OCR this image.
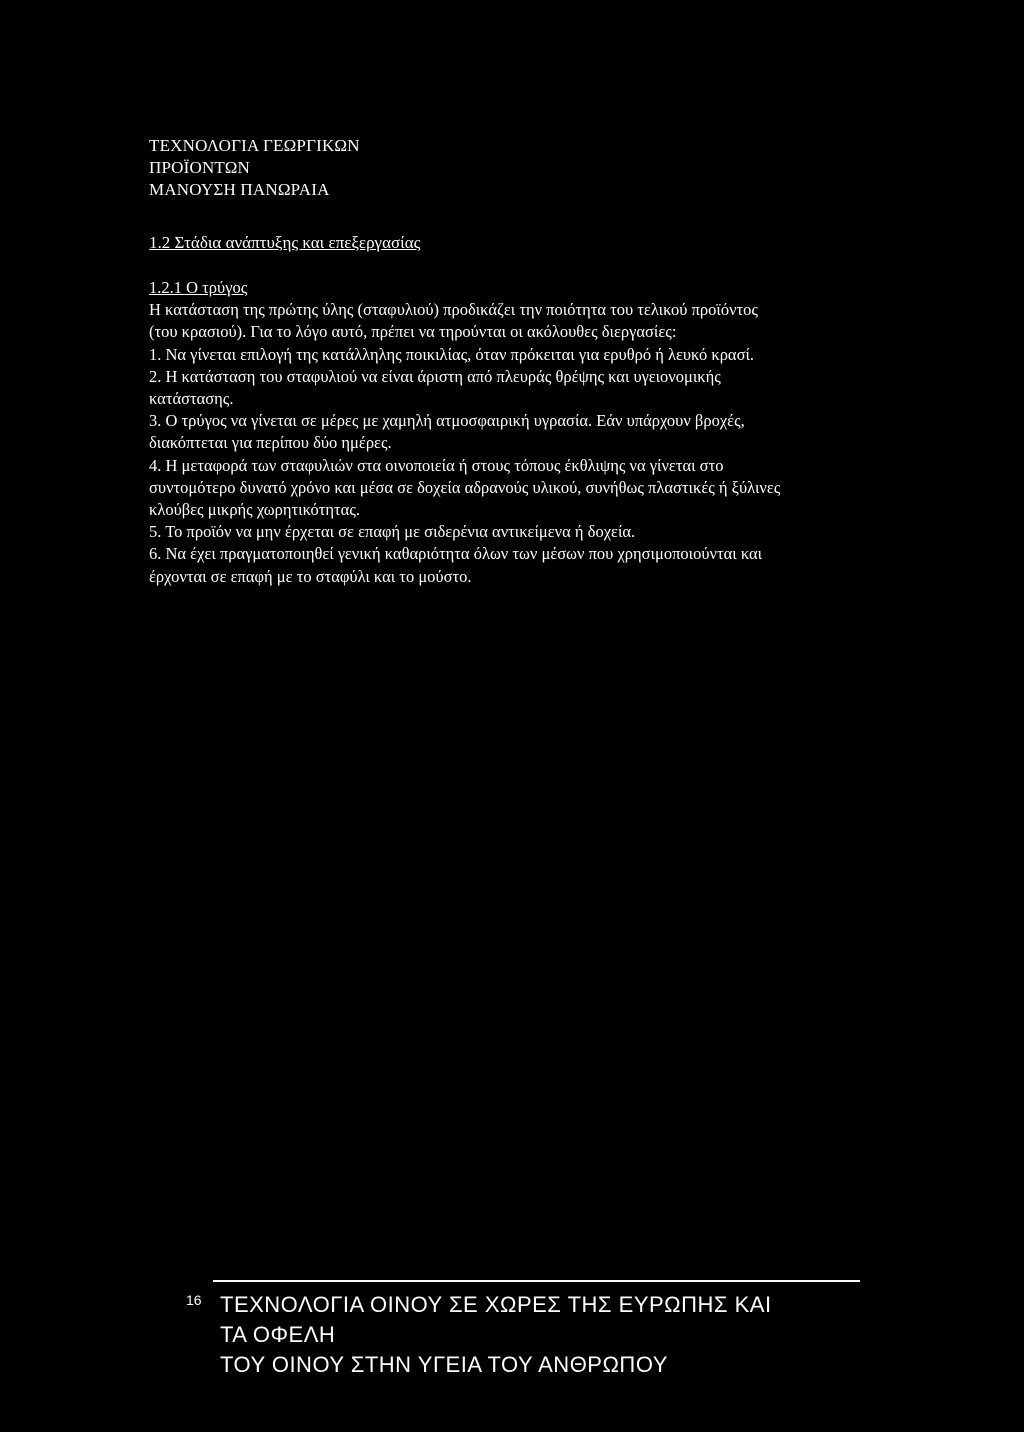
ΤΕΧΝΟΛΟΓΙΑ ΓΕΩΡΓΙΚΩΝ
ΠΡΟΪΟΝΤΩΝ
ΜΑΝΟΥΣΗ ΠΑΝΩΡΑΙΑ
1.2 Στάδια ανάπτυξης και επεξεργασίας
1.2.1 Ο τρύγος

Η κατάσταση της πρώτης ύλης (σταφυλιού) προδικάζει την ποιότητα του τελικού προϊόντος (του κρασιού). Για το λόγο αυτό, πρέπει να τηρούνται οι ακόλουθες διεργασίες:

1. Να γίνεται επιλογή της κατάλληλης ποικιλίας, όταν πρόκειται για ερυθρό ή λευκό κρασί.

2. Η κατάσταση του σταφυλιού να είναι άριστη από πλευράς θρέψης και υγειονομικής κατάστασης.

3. Ο τρύγος να γίνεται σε μέρες με χαμηλή ατμοσφαιρική υγρασία. Εάν υπάρχουν βροχές, διακόπτεται για περίπου δύο ημέρες.

4. Η μεταφορά των σταφυλιών στα οινοποιεία ή στους τόπους έκθλιψης να γίνεται στο συντομότερο δυνατό χρόνο και μέσα σε δοχεία αδρανούς υλικού, συνήθως πλαστικές ή ξύλινες κλούβες μικρής χωρητικότητας.

5. Το προϊόν να μην έρχεται σε επαφή με σιδερένια αντικείμενα ή δοχεία.

6. Να έχει πραγματοποιηθεί γενική καθαριότητα όλων των μέσων που χρησιμοποιούνται και έρχονται σε επαφή με το σταφύλι και το μούστο.

16 ΤΕΧΝΟΛΟΓΙΑ ΟΙΝΟΥ ΣΕ ΧΩΡΕΣ ΤΗΣ ΕΥΡΩΠΗΣ ΚΑΙ
ΤΑ ΟΦΕΛΗ
ΤΟΥ ΟΙΝΟΥ ΣΤΗΝ ΥΓΕΙΑ ΤΟΥ ΑΝΘΡΩΠΟΥ
